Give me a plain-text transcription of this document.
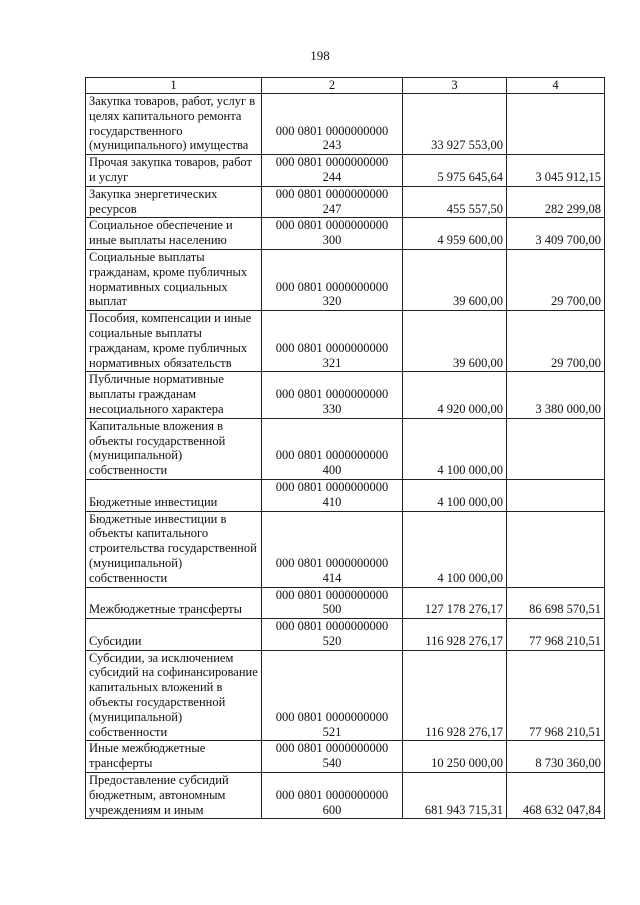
198
1	2	3	4
Закупка товаров, работ, услуг в целях капитального ремонта государственного (муниципального) имущества	000 0801 0000000000 243	33 927 553,00	
Прочая закупка товаров, работ и услуг	000 0801 0000000000 244	5 975 645,64	3 045 912,15
Закупка энергетических ресурсов	000 0801 0000000000 247	455 557,50	282 299,08
Социальное обеспечение и иные выплаты населению	000 0801 0000000000 300	4 959 600,00	3 409 700,00
Социальные выплаты гражданам, кроме публичных нормативных социальных выплат	000 0801 0000000000 320	39 600,00	29 700,00
Пособия, компенсации и иные социальные выплаты гражданам, кроме публичных нормативных обязательств	000 0801 0000000000 321	39 600,00	29 700,00
Публичные нормативные выплаты гражданам несоциального характера	000 0801 0000000000 330	4 920 000,00	3 380 000,00
Капитальные вложения в объекты государственной (муниципальной) собственности	000 0801 0000000000 400	4 100 000,00	
Бюджетные инвестиции	000 0801 0000000000 410	4 100 000,00	
Бюджетные инвестиции в объекты капитального строительства государственной (муниципальной) собственности	000 0801 0000000000 414	4 100 000,00	
Межбюджетные трансферты	000 0801 0000000000 500	127 178 276,17	86 698 570,51
Субсидии	000 0801 0000000000 520	116 928 276,17	77 968 210,51
Субсидии, за исключением субсидий на софинансирование капитальных вложений в объекты государственной (муниципальной) собственности	000 0801 0000000000 521	116 928 276,17	77 968 210,51
Иные межбюджетные трансферты	000 0801 0000000000 540	10 250 000,00	8 730 360,00
Предоставление субсидий бюджетным, автономным учреждениям и иным	000 0801 0000000000 600	681 943 715,31	468 632 047,84
